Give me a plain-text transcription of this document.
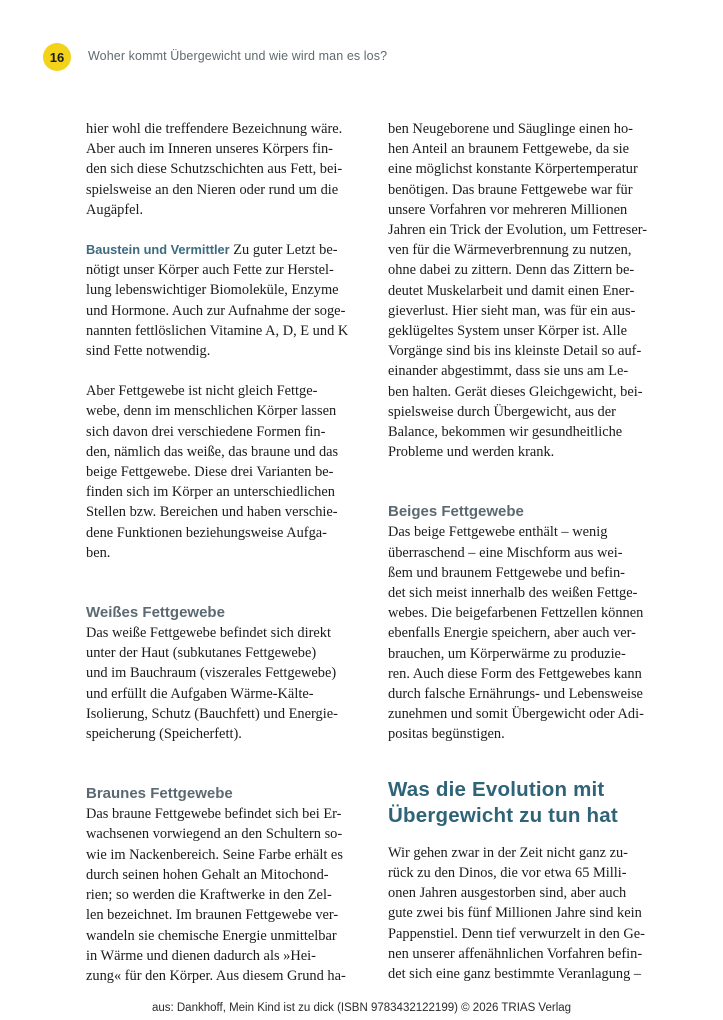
16	Woher kommt Übergewicht und wie wird man es los?

hier wohl die treffendere Bezeichnung wäre.
Aber auch im Inneren unseres Körpers fin-
den sich diese Schutzschichten aus Fett, bei-
spielsweise an den Nieren oder rund um die
Augäpfel.

Baustein und Vermittler Zu guter Letzt be-
nötigt unser Körper auch Fette zur Herstel-
lung lebenswichtiger Biomoleküle, Enzyme
und Hormone. Auch zur Aufnahme der soge-
nannten fettlöslichen Vitamine A, D, E und K
sind Fette notwendig.

Aber Fettgewebe ist nicht gleich Fettge-
webe, denn im menschlichen Körper lassen
sich davon drei verschiedene Formen fin-
den, nämlich das weiße, das braune und das
beige Fettgewebe. Diese drei Varianten be-
finden sich im Körper an unterschiedlichen
Stellen bzw. Bereichen und haben verschie-
dene Funktionen beziehungsweise Aufga-
ben.

Weißes Fettgewebe

Das weiße Fettgewebe befindet sich direkt
unter der Haut (subkutanes Fettgewebe)
und im Bauchraum (viszerales Fettgewebe)
und erfüllt die Aufgaben Wärme-Kälte-
Isolierung, Schutz (Bauchfett) und Energie-
speicherung (Speicherfett).

Braunes Fettgewebe

Das braune Fettgewebe befindet sich bei Er-
wachsenen vorwiegend an den Schultern so-
wie im Nackenbereich. Seine Farbe erhält es
durch seinen hohen Gehalt an Mitochond-
rien; so werden die Kraftwerke in den Zel-
len bezeichnet. Im braunen Fettgewebe ver-
wandeln sie chemische Energie unmittelbar
in Wärme und dienen dadurch als »Hei-
zung« für den Körper. Aus diesem Grund ha-

ben Neugeborene und Säuglinge einen ho-
hen Anteil an braunem Fettgewebe, da sie
eine möglichst konstante Körpertemperatur
benötigen. Das braune Fettgewebe war für
unsere Vorfahren vor mehreren Millionen
Jahren ein Trick der Evolution, um Fettreser-
ven für die Wärmeverbrennung zu nutzen,
ohne dabei zu zittern. Denn das Zittern be-
deutet Muskelarbeit und damit einen Ener-
gieverlust. Hier sieht man, was für ein aus-
geklügeltes System unser Körper ist. Alle
Vorgänge sind bis ins kleinste Detail so auf-
einander abgestimmt, dass sie uns am Le-
ben halten. Gerät dieses Gleichgewicht, bei-
spielsweise durch Übergewicht, aus der
Balance, bekommen wir gesundheitliche
Probleme und werden krank.

Beiges Fettgewebe

Das beige Fettgewebe enthält – wenig
überraschend – eine Mischform aus wei-
ßem und braunem Fettgewebe und befin-
det sich meist innerhalb des weißen Fettge-
webes. Die beigefarbenen Fettzellen können
ebenfalls Energie speichern, aber auch ver-
brauchen, um Körperwärme zu produzie-
ren. Auch diese Form des Fettgewebes kann
durch falsche Ernährungs- und Lebensweise
zunehmen und somit Übergewicht oder Adi-
positas begünstigen.

Was die Evolution mit
Übergewicht zu tun hat

Wir gehen zwar in der Zeit nicht ganz zu-
rück zu den Dinos, die vor etwa 65 Milli-
onen Jahren ausgestorben sind, aber auch
gute zwei bis fünf Millionen Jahre sind kein
Pappenstiel. Denn tief verwurzelt in den Ge-
nen unserer affenähnlichen Vorfahren befin-
det sich eine ganz bestimmte Veranlagung –

aus: Dankhoff, Mein Kind ist zu dick (ISBN 9783432122199) © 2026 TRIAS Verlag
